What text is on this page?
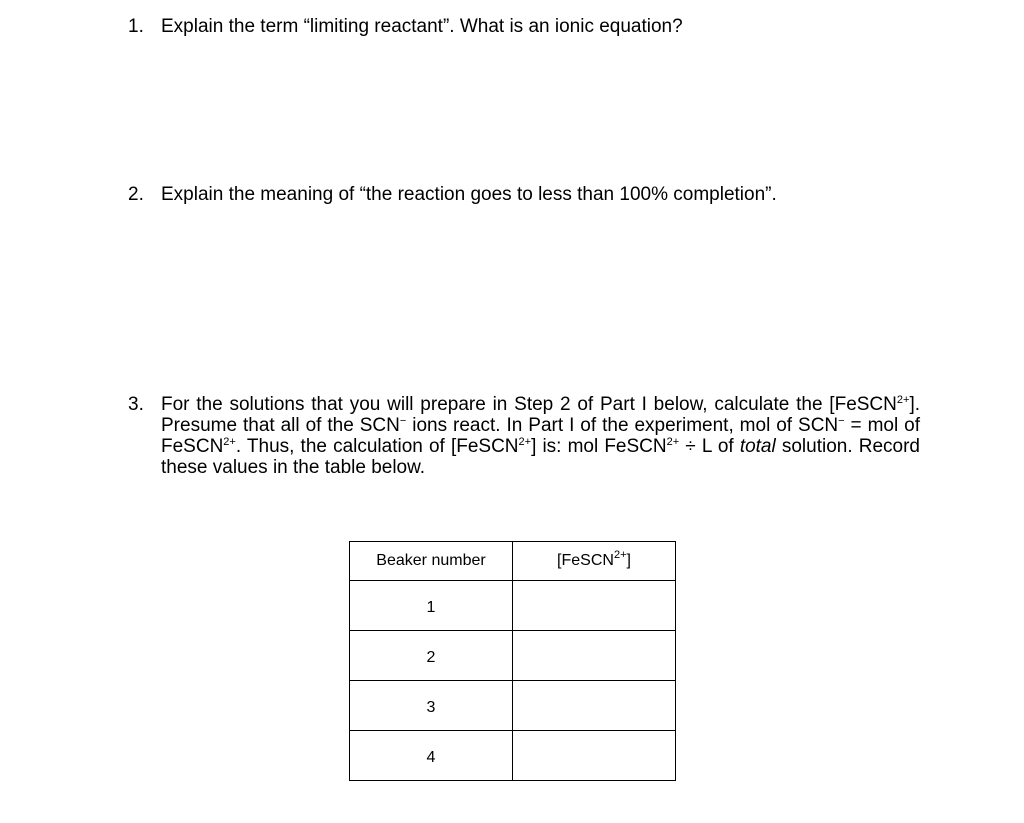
1. Explain the term “limiting reactant”. What is an ionic equation?
2. Explain the meaning of “the reaction goes to less than 100% completion”.
3. For the solutions that you will prepare in Step 2 of Part I below, calculate the [FeSCN$^{2+}$]. Presume that all of the SCN− ions react. In Part I of the experiment, mol of SCN− = mol of FeSCN$^{2+}$. Thus, the calculation of [FeSCN$^{2+}$] is: mol FeSCN$^{2+}$ ÷ L of total solution. Record these values in the table below.
Beaker number	[FeSCN$^{2+}$]
1	
2	
3	
4	
